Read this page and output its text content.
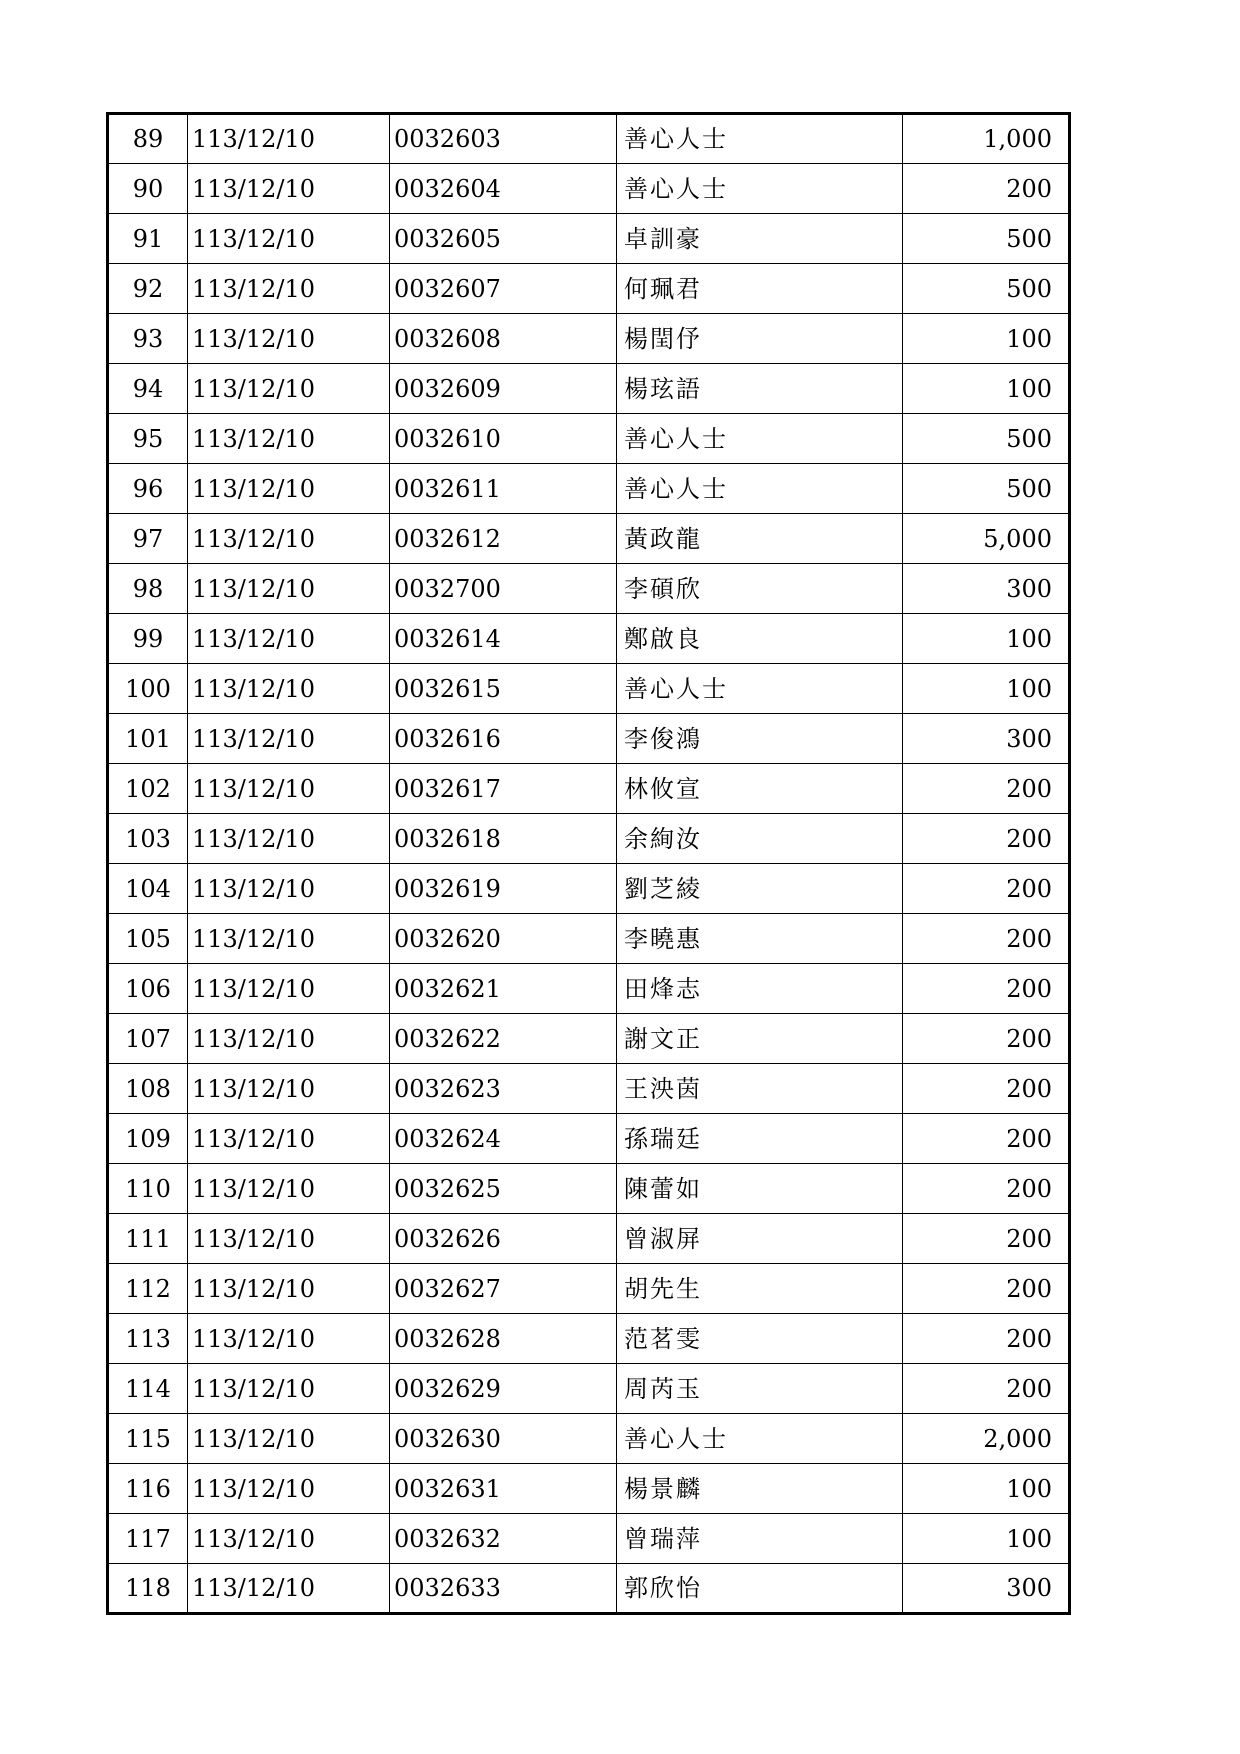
89	113/12/10	0032603	善心人士	1,000
90	113/12/10	0032604	善心人士	200
91	113/12/10	0032605	卓訓豪	500
92	113/12/10	0032607	何珮君	500
93	113/12/10	0032608	楊閏伃	100
94	113/12/10	0032609	楊玹語	100
95	113/12/10	0032610	善心人士	500
96	113/12/10	0032611	善心人士	500
97	113/12/10	0032612	黃政龍	5,000
98	113/12/10	0032700	李碩欣	300
99	113/12/10	0032614	鄭啟良	100
100	113/12/10	0032615	善心人士	100
101	113/12/10	0032616	李俊鴻	300
102	113/12/10	0032617	林攸宣	200
103	113/12/10	0032618	余絢汝	200
104	113/12/10	0032619	劉芝綾	200
105	113/12/10	0032620	李曉惠	200
106	113/12/10	0032621	田烽志	200
107	113/12/10	0032622	謝文正	200
108	113/12/10	0032623	王泱茵	200
109	113/12/10	0032624	孫瑞廷	200
110	113/12/10	0032625	陳蕾如	200
111	113/12/10	0032626	曾淑屏	200
112	113/12/10	0032627	胡先生	200
113	113/12/10	0032628	范茗雯	200
114	113/12/10	0032629	周芮玉	200
115	113/12/10	0032630	善心人士	2,000
116	113/12/10	0032631	楊景麟	100
117	113/12/10	0032632	曾瑞萍	100
118	113/12/10	0032633	郭欣怡	300
